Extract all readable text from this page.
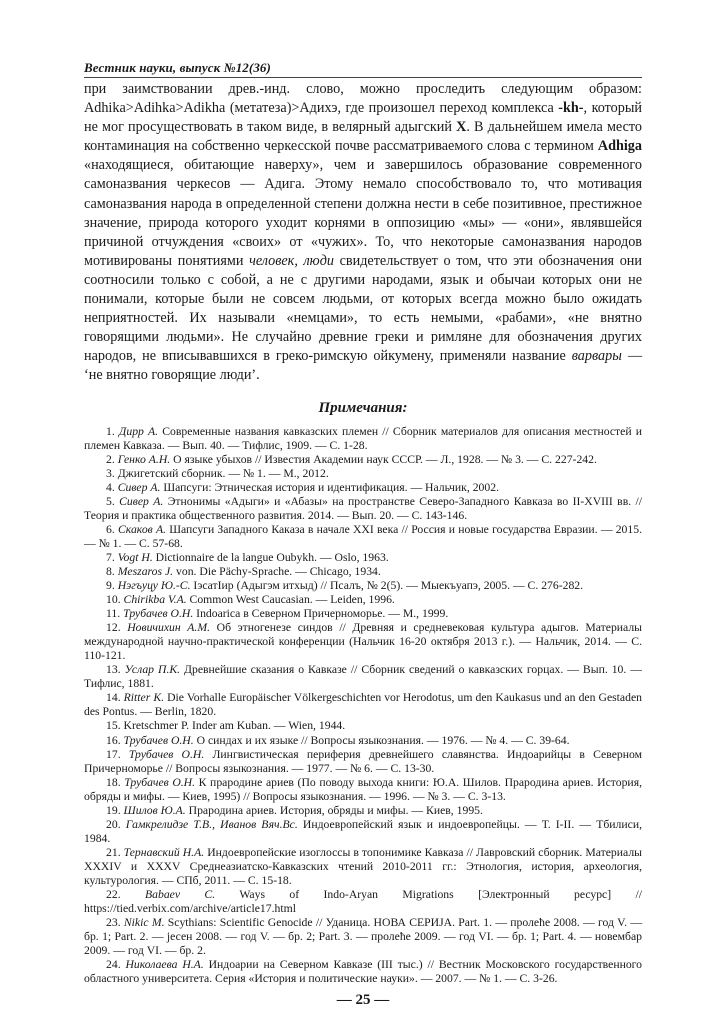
Вестник науки, выпуск №12(36)

при заимствовании древ.-инд. слово, можно проследить следующим образом: Adhika>Adihka>Adikha (метатеза)>Адихэ, где произошел переход комплекса -kh-, который не мог просуществовать в таком виде, в велярный адыгский X. В дальнейшем имела место контаминация на собственно черкесской почве рассматриваемого слова с термином Adhiga «находящиеся, обитающие наверху», чем и завершилось образование современного самоназвания черкесов — Адига. Этому немало способствовало то, что мотивация самоназвания народа в определенной степени должна нести в себе позитивное, престижное значение, природа которого уходит корнями в оппозицию «мы» — «они», являвшейся причиной отчуждения «своих» от «чужих». То, что некоторые самоназвания народов мотивированы понятиями человек, люди свидетельствует о том, что эти обозначения они соотносили только с собой, а не с другими народами, язык и обычаи которых они не понимали, которые были не совсем людьми, от которых всегда можно было ожидать неприятностей. Их называли «немцами», то есть немыми, «рабами», «не внятно говорящими людьми». Не случайно древние греки и римляне для обозначения других народов, не вписывавшихся в греко-римскую ойкумену, применяли название варвары — ‘не внятно говорящие люди’.

Примечания:

1. Дирр А. Современные названия кавказских племен // Сборник материалов для описания местностей и племен Кавказа. — Вып. 40. — Тифлис, 1909. — С. 1-28.

2. Генко А.Н. О языке убыхов // Известия Академии наук СССР. — Л., 1928. — № 3. — С. 227-242.

3. Джигетский сборник. — № 1. — М., 2012.

4. Сивер А. Шапсуги: Этническая история и идентификация. — Нальчик, 2002.

5. Сивер А. Этнонимы «Адыги» и «Абазы» на пространстве Северо-Западного Кавказа во II-XVIII вв. // Теория и практика общественного развития. 2014. — Вып. 20. — С. 143-146.

6. Скаков А. Шапсуги Западного Каказа в начале XXI века // Россия и новые государства Евразии. — 2015. — № 1. — С. 57-68.

7. Vogt H. Dictionnaire de la langue Oubykh. — Oslo, 1963.

8. Meszaros J. von. Die Pächy-Sprache. — Chicago, 1934.

9. Нэгъуцу Ю.-С. ІэсатІир (Адыгэм итхыд) // Псалъ, № 2(5). — Мыекъуапэ, 2005. — С. 276-282.

10. Chirikba V.A. Common West Caucasian. — Leiden, 1996.

11. Трубачев О.Н. Indoarica в Северном Причерноморье. — М., 1999.

12. Новичихин А.М. Об этногенезе синдов // Древняя и средневековая культура адыгов. Материалы международной научно-практической конференции (Нальчик 16-20 октября 2013 г.). — Нальчик, 2014. — С. 110-121.

13. Услар П.К. Древнейшие сказания о Кавказе // Сборник сведений о кавказских горцах. — Вып. 10. — Тифлис, 1881.

14. Ritter K. Die Vorhalle Europäischer Völkergeschichten vor Herodotus, um den Kaukasus und an den Gestaden des Pontus. — Berlin, 1820.

15. Kretschmer P. Inder am Kuban. — Wien, 1944.

16. Трубачев О.Н. О синдах и их языке // Вопросы языкознания. — 1976. — № 4. — С. 39-64.

17. Трубачев О.Н. Лингвистическая периферия древнейшего славянства. Индоарийцы в Северном Причерноморье // Вопросы языкознания. — 1977. — № 6. — С. 13-30.

18. Трубачев О.Н. К прародине ариев (По поводу выхода книги: Ю.А. Шилов. Прародина ариев. История, обряды и мифы. — Киев, 1995) // Вопросы языкознания. — 1996. — № 3. — С. 3-13.

19. Шилов Ю.А. Прародина ариев. История, обряды и мифы. — Киев, 1995.

20. Гамкрелидзе Т.В., Иванов Вяч.Вс. Индоевропейский язык и индоевропейцы. — Т. I-II. — Тбилиси, 1984.

21. Тернавский Н.А. Индоевропейские изоглоссы в топонимике Кавказа // Лавровский сборник. Материалы XXXIV и XXXV Среднеазиатско-Кавказских чтений 2010-2011 гг.: Этнология, история, археология, культурология. — СПб, 2011. — С. 15-18.

22. Babaev C. Ways of Indo-Aryan Migrations [Электронный ресурс] // https://tied.verbix.com/archive/article17.html

23. Nikic M. Scythians: Scientific Genocide // Уданица. НОВА СЕРИЈА. Part. 1. — пролеће 2008. — год V. — бр. 1; Part. 2. — јесен 2008. — год V. — бр. 2; Part. 3. — пролеће 2009. — год VI. — бр. 1; Part. 4. — новембар 2009. — год VI. — бр. 2.

24. Николаева Н.А. Индоарии на Северном Кавказе (III тыс.) // Вестник Московского государственного областного университета. Серия «История и политические науки». — 2007. — № 1. — С. 3-26.

— 25 —
